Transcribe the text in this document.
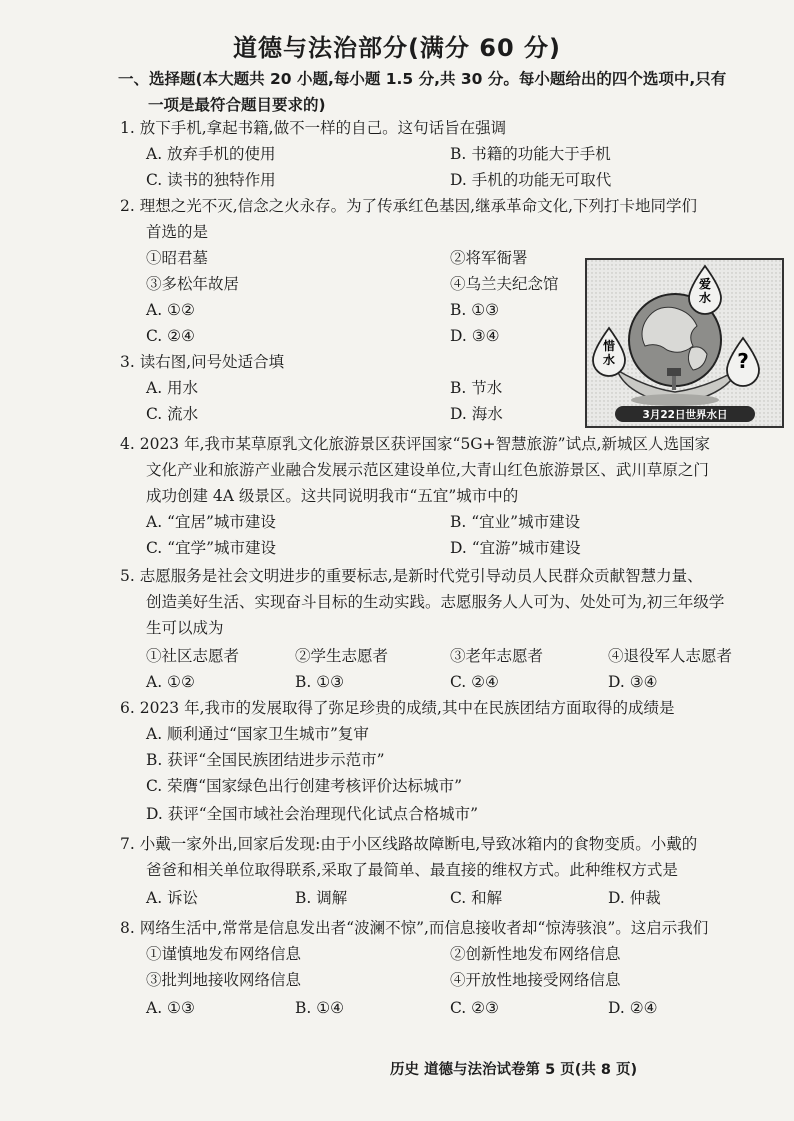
道德与法治部分(满分 60 分)
一、选择题(本大题共 20 小题,每小题 1.5 分,共 30 分。每小题给出的四个选项中,只有
一项是最符合题目要求的)
1. 放下手机,拿起书籍,做不一样的自己。这句话旨在强调
A. 放弃手机的使用	B. 书籍的功能大于手机
C. 读书的独特作用	D. 手机的功能无可取代
2. 理想之光不灭,信念之火永存。为了传承红色基因,继承革命文化,下列打卡地同学们
首选的是
①昭君墓	②将军衙署
③多松年故居	④乌兰夫纪念馆
A. ①②	B. ①③
C. ②④	D. ③④
爱水
惜水	?
3月22日世界水日
3. 读右图,问号处适合填
A. 用水	B. 节水
C. 流水	D. 海水
4. 2023 年,我市某草原乳文化旅游景区获评国家“5G+智慧旅游”试点,新城区人选国家
文化产业和旅游产业融合发展示范区建设单位,大青山红色旅游景区、武川草原之门
成功创建 4A 级景区。这共同说明我市“五宜”城市中的
A. “宜居”城市建设	B. “宜业”城市建设
C. “宜学”城市建设	D. “宜游”城市建设
5. 志愿服务是社会文明进步的重要标志,是新时代党引导动员人民群众贡献智慧力量、
创造美好生活、实现奋斗目标的生动实践。志愿服务人人可为、处处可为,初三年级学
生可以成为
①社区志愿者	②学生志愿者	③老年志愿者	④退役军人志愿者
A. ①②	B. ①③	C. ②④	D. ③④
6. 2023 年,我市的发展取得了弥足珍贵的成绩,其中在民族团结方面取得的成绩是
A. 顺利通过“国家卫生城市”复审
B. 获评“全国民族团结进步示范市”
C. 荣膺“国家绿色出行创建考核评价达标城市”
D. 获评“全国市域社会治理现代化试点合格城市”
7. 小戴一家外出,回家后发现:由于小区线路故障断电,导致冰箱内的食物变质。小戴的
爸爸和相关单位取得联系,采取了最简单、最直接的维权方式。此种维权方式是
A. 诉讼	B. 调解	C. 和解	D. 仲裁
8. 网络生活中,常常是信息发出者“波澜不惊”,而信息接收者却“惊涛骇浪”。这启示我们
①谨慎地发布网络信息	②创新性地发布网络信息
③批判地接收网络信息	④开放性地接受网络信息
A. ①③	B. ①④	C. ②③	D. ②④
历史 道德与法治试卷第 5 页(共 8 页)
